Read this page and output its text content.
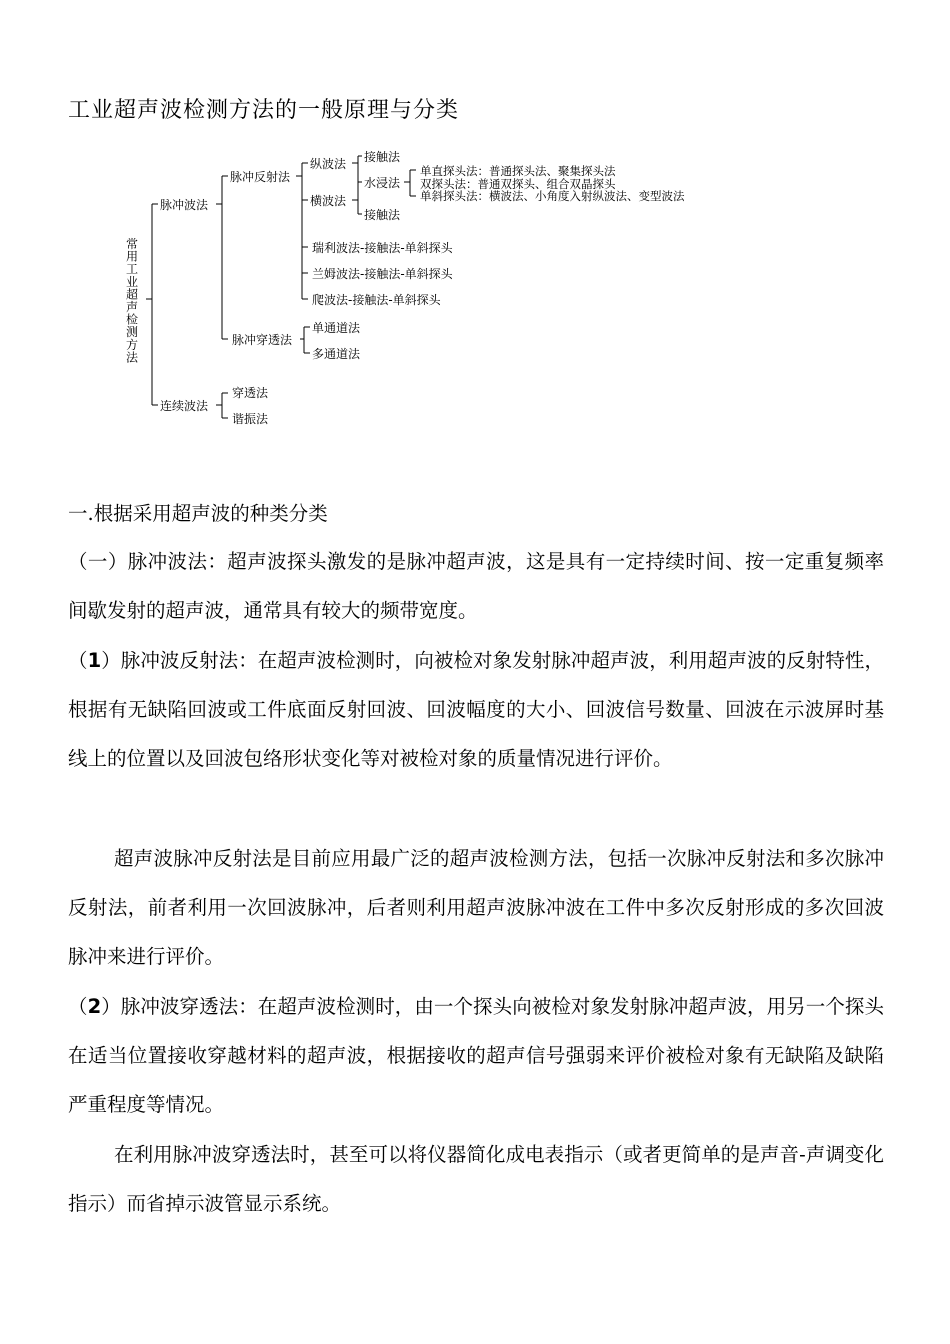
工业超声波检测方法的一般原理与分类
常用工业超声检测方法
脉冲波法
连续波法
脉冲反射法
脉冲穿透法
穿透法
谐振法
纵波法
横波法
瑞利波法-接触法-单斜探头
兰姆波法-接触法-单斜探头
爬波法-接触法-单斜探头
接触法
水浸法
接触法
单直探头法：普通探头法、聚集探头法
双探头法：普通双探头、组合双晶探头
单斜探头法：横波法、小角度入射纵波法、变型波法
单通道法
多通道法
一.根据采用超声波的种类分类

（一）脉冲波法：超声波探头激发的是脉冲超声波，这是具有一定持续时间、按一定重复频率间歇发射的超声波，通常具有较大的频带宽度。

（1）脉冲波反射法：在超声波检测时，向被检对象发射脉冲超声波，利用超声波的反射特性，根据有无缺陷回波或工件底面反射回波、回波幅度的大小、回波信号数量、回波在示波屏时基线上的位置以及回波包络形状变化等对被检对象的质量情况进行评价。

超声波脉冲反射法是目前应用最广泛的超声波检测方法，包括一次脉冲反射法和多次脉冲反射法，前者利用一次回波脉冲，后者则利用超声波脉冲波在工件中多次反射形成的多次回波脉冲来进行评价。

（2）脉冲波穿透法：在超声波检测时，由一个探头向被检对象发射脉冲超声波，用另一个探头在适当位置接收穿越材料的超声波，根据接收的超声信号强弱来评价被检对象有无缺陷及缺陷严重程度等情况。

在利用脉冲波穿透法时，甚至可以将仪器简化成电表指示（或者更简单的是声音-声调变化指示）而省掉示波管显示系统。
